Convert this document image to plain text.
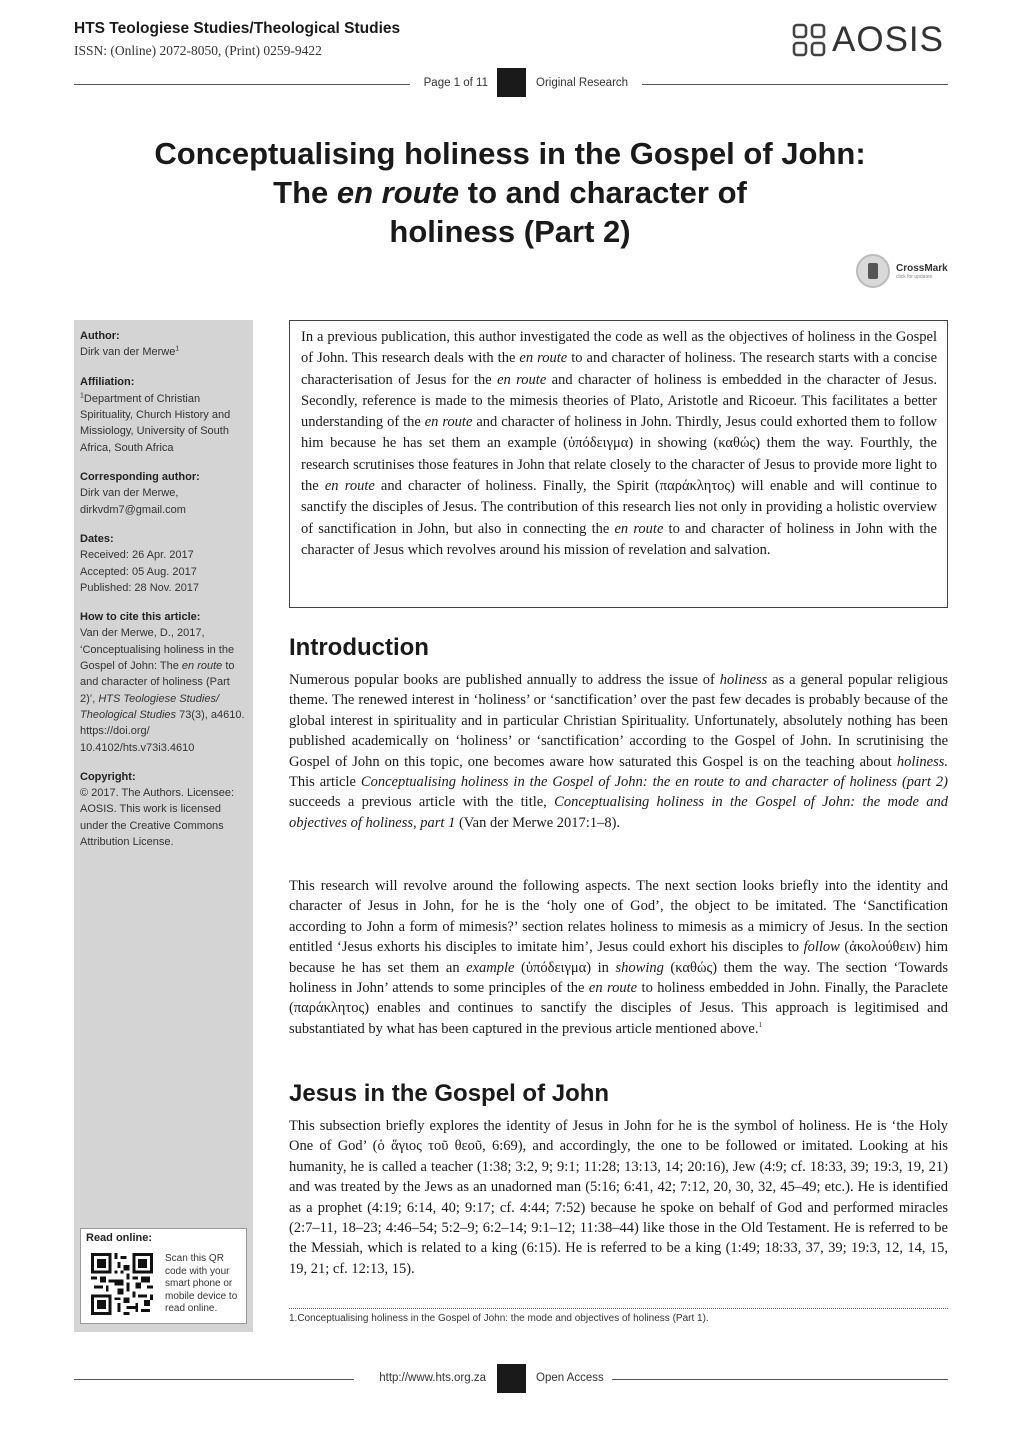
HTS Teologiese Studies/Theological Studies
ISSN: (Online) 2072-8050, (Print) 0259-9422	AOSIS
Page 1 of 11	Original Research
Conceptualising holiness in the Gospel of John:
The en route to and character of
holiness (Part 2)
CrossMark
click for updates
Author:
Dirk van der Merwe$^1$
Affiliation:
$^1$Department of Christian Spirituality, Church History and Missiology, University of South Africa, South Africa
Corresponding author:
Dirk van der Merwe,
dirkvdm7@gmail.com
Dates:
Received: 26 Apr. 2017
Accepted: 05 Aug. 2017
Published: 28 Nov. 2017
How to cite this article:
Van der Merwe, D., 2017, ‘Conceptualising holiness in the Gospel of John: The en route to and character of holiness (Part 2)’, HTS Teologiese Studies/ Theological Studies 73(3), a4610. https://doi.org/ 10.4102/hts.v73i3.4610
Copyright:
© 2017. The Authors. Licensee: AOSIS. This work is licensed under the Creative Commons Attribution License.
Read online:
Scan this QR code with your smart phone or mobile device to read online.
In a previous publication, this author investigated the code as well as the objectives of holiness in the Gospel of John. This research deals with the en route to and character of holiness. The research starts with a concise characterisation of Jesus for the en route and character of holiness is embedded in the character of Jesus. Secondly, reference is made to the mimesis theories of Plato, Aristotle and Ricoeur. This facilitates a better understanding of the en route and character of holiness in John. Thirdly, Jesus could exhorted them to follow him because he has set them an example (ὑπόδειγμα) in showing (καθώς) them the way. Fourthly, the research scrutinises those features in John that relate closely to the character of Jesus to provide more light to the en route and character of holiness. Finally, the Spirit (παράκλητος) will enable and will continue to sanctify the disciples of Jesus. The contribution of this research lies not only in providing a holistic overview of sanctification in John, but also in connecting the en route to and character of holiness in John with the character of Jesus which revolves around his mission of revelation and salvation.
Introduction
Numerous popular books are published annually to address the issue of holiness as a general popular religious theme. The renewed interest in ‘holiness’ or ‘sanctification’ over the past few decades is probably because of the global interest in spirituality and in particular Christian Spirituality. Unfortunately, absolutely nothing has been published academically on ‘holiness’ or ‘sanctification’ according to the Gospel of John. In scrutinising the Gospel of John on this topic, one becomes aware how saturated this Gospel is on the teaching about holiness. This article Conceptualising holiness in the Gospel of John: the en route to and character of holiness (part 2) succeeds a previous article with the title, Conceptualising holiness in the Gospel of John: the mode and objectives of holiness, part 1 (Van der Merwe 2017:1–8).
This research will revolve around the following aspects. The next section looks briefly into the identity and character of Jesus in John, for he is the ‘holy one of God’, the object to be imitated. The ‘Sanctification according to John a form of mimesis?’ section relates holiness to mimesis as a mimicry of Jesus. In the section entitled ‘Jesus exhorts his disciples to imitate him’, Jesus could exhort his disciples to follow (ἀκολούθειν) him because he has set them an example (ὑπόδειγμα) in showing (καθώς) them the way. The section ‘Towards holiness in John’ attends to some principles of the en route to holiness embedded in John. Finally, the Paraclete (παράκλητος) enables and continues to sanctify the disciples of Jesus. This approach is legitimised and substantiated by what has been captured in the previous article mentioned above.$^1$
Jesus in the Gospel of John
This subsection briefly explores the identity of Jesus in John for he is the symbol of holiness. He is ‘the Holy One of God’ (ὁ ἅγιος τοῦ θεοῦ, 6:69), and accordingly, the one to be followed or imitated. Looking at his humanity, he is called a teacher (1:38; 3:2, 9; 9:1; 11:28; 13:13, 14; 20:16), Jew (4:9; cf. 18:33, 39; 19:3, 19, 21) and was treated by the Jews as an unadorned man (5:16; 6:41, 42; 7:12, 20, 30, 32, 45–49; etc.). He is identified as a prophet (4:19; 6:14, 40; 9:17; cf. 4:44; 7:52) because he spoke on behalf of God and performed miracles (2:7–11, 18–23; 4:46–54; 5:2–9; 6:2–14; 9:1–12; 11:38–44) like those in the Old Testament. He is referred to be the Messiah, which is related to a king (6:15). He is referred to be a king (1:49; 18:33, 37, 39; 19:3, 12, 14, 15, 19, 21; cf. 12:13, 15).
1.Conceptualising holiness in the Gospel of John: the mode and objectives of holiness (Part 1).
http://www.hts.org.za	Open Access
